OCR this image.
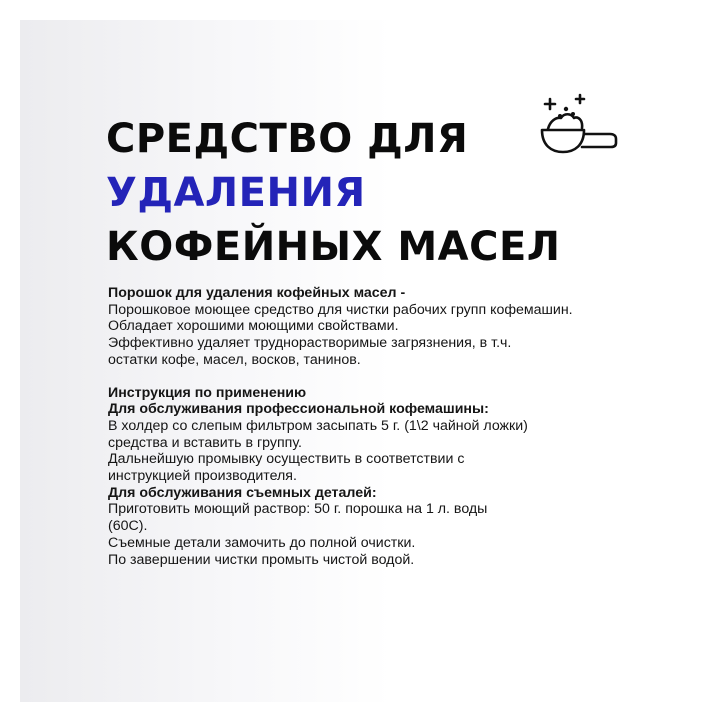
СРЕДСТВО ДЛЯ
УДАЛЕНИЯ
КОФЕЙНЫХ МАСЕЛ

Порошок для удаления кофейных масел -

Порошковое моющее средство для чистки рабочих групп кофемашин.

Обладает хорошими моющими свойствами.

Эффективно удаляет труднорастворимые загрязнения, в т.ч.

остатки кофе, масел, восков, танинов.

Инструкция по применению

Для обслуживания профессиональной кофемашины:

В холдер со слепым фильтром засыпать 5 г. (1\2 чайной ложки)

средства и вставить в группу.

Дальнейшую промывку осуществить в соответствии с

инструкцией производителя.

Для обслуживания съемных деталей:

Приготовить моющий раствор: 50 г. порошка на 1 л. воды

(60С).

Съемные детали замочить до полной очистки.

По завершении чистки промыть чистой водой.
